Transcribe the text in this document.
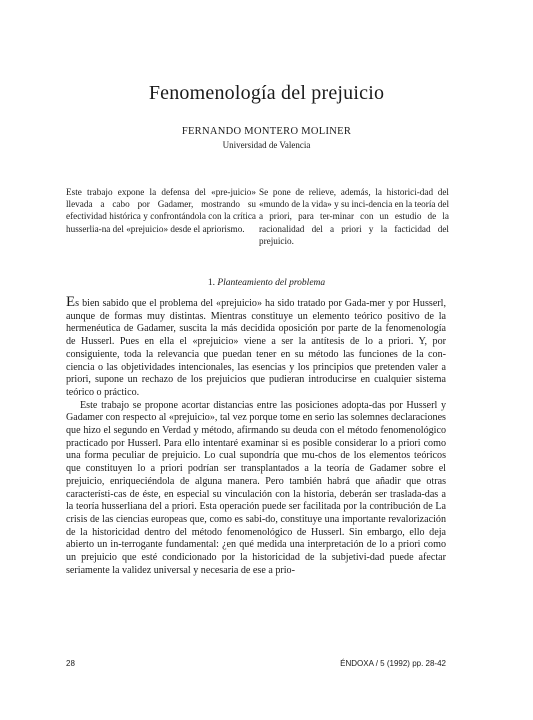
Fenomenología del prejuicio
FERNANDO MONTERO MOLINER
Universidad de Valencia

Este trabajo expone la defensa del «pre-juicio» llevada a cabo por Gadamer, mostrando su efectividad histórica y confrontándola con la crítica husserlia-na del «prejuicio» desde el apriorismo.

Se pone de relieve, además, la historici-dad del «mundo de la vida» y su inci-dencia en la teoría del a priori, para ter-minar con un estudio de la racionalidad del a priori y la facticidad del prejuicio.

1. Planteamiento del problema

Es bien sabido que el problema del «prejuicio» ha sido tratado por Gada-mer y por Husserl, aunque de formas muy distintas. Mientras constituye un elemento teórico positivo de la hermenéutica de Gadamer, suscita la más decidida oposición por parte de la fenomenología de Husserl. Pues en ella el «prejuicio» viene a ser la antítesis de lo a priori. Y, por consiguiente, toda la relevancia que puedan tener en su método las funciones de la con-ciencia o las objetividades intencionales, las esencias y los principios que pretenden valer a priori, supone un rechazo de los prejuicios que pudieran introducirse en cualquier sistema teórico o práctico.

Este trabajo se propone acortar distancias entre las posiciones adopta-das por Husserl y Gadamer con respecto al «prejuicio», tal vez porque tome en serio las solemnes declaraciones que hizo el segundo en Verdad y método, afirmando su deuda con el método fenomenológico practicado por Husserl. Para ello intentaré examinar si es posible considerar lo a priori como una forma peculiar de prejuicio. Lo cual supondría que mu-chos de los elementos teóricos que constituyen lo a priori podrían ser transplantados a la teoría de Gadamer sobre el prejuicio, enriqueciéndola de alguna manera. Pero también habrá que añadir que otras característi-cas de éste, en especial su vinculación con la historia, deberán ser traslada-das a la teoría husserliana del a priori. Esta operación puede ser facilitada por la contribución de La crisis de las ciencias europeas que, como es sabi-do, constituye una importante revalorización de la historicidad dentro del método fenomenológico de Husserl. Sin embargo, ello deja abierto un in-terrogante fundamental: ¿en qué medida una interpretación de lo a priori como un prejuicio que esté condicionado por la historicidad de la subjetivi-dad puede afectar seriamente la validez universal y necesaria de ese a prio-

28	ÉNDOXA / 5 (1992) pp. 28-42
